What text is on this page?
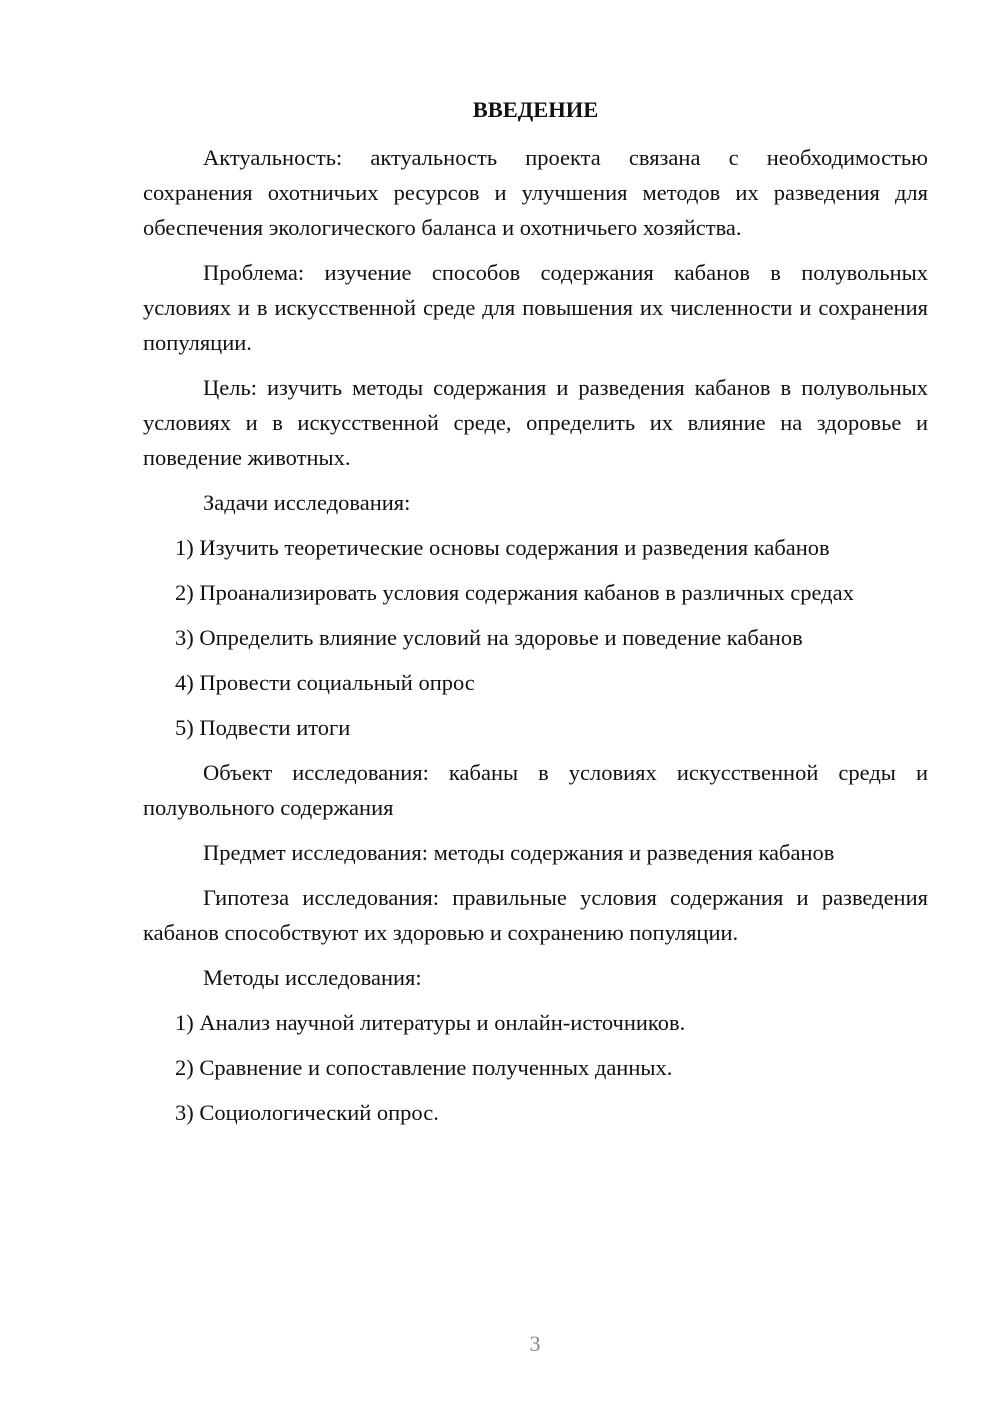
ВВЕДЕНИЕ

Актуальность: актуальность проекта связана с необходимостью сохранения охотничьих ресурсов и улучшения методов их разведения для обеспечения экологического баланса и охотничьего хозяйства.

Проблема: изучение способов содержания кабанов в полувольных условиях и в искусственной среде для повышения их численности и сохранения популяции.

Цель: изучить методы содержания и разведения кабанов в полувольных условиях и в искусственной среде, определить их влияние на здоровье и поведение животных.

Задачи исследования:

1) Изучить теоретические основы содержания и разведения кабанов

2) Проанализировать условия содержания кабанов в различных средах

3) Определить влияние условий на здоровье и поведение кабанов

4) Провести социальный опрос

5) Подвести итоги

Объект исследования: кабаны в условиях искусственной среды и полувольного содержания

Предмет исследования: методы содержания и разведения кабанов

Гипотеза исследования: правильные условия содержания и разведения кабанов способствуют их здоровью и сохранению популяции.

Методы исследования:

1) Анализ научной литературы и онлайн-источников.

2) Сравнение и сопоставление полученных данных.

3) Социологический опрос.

3
